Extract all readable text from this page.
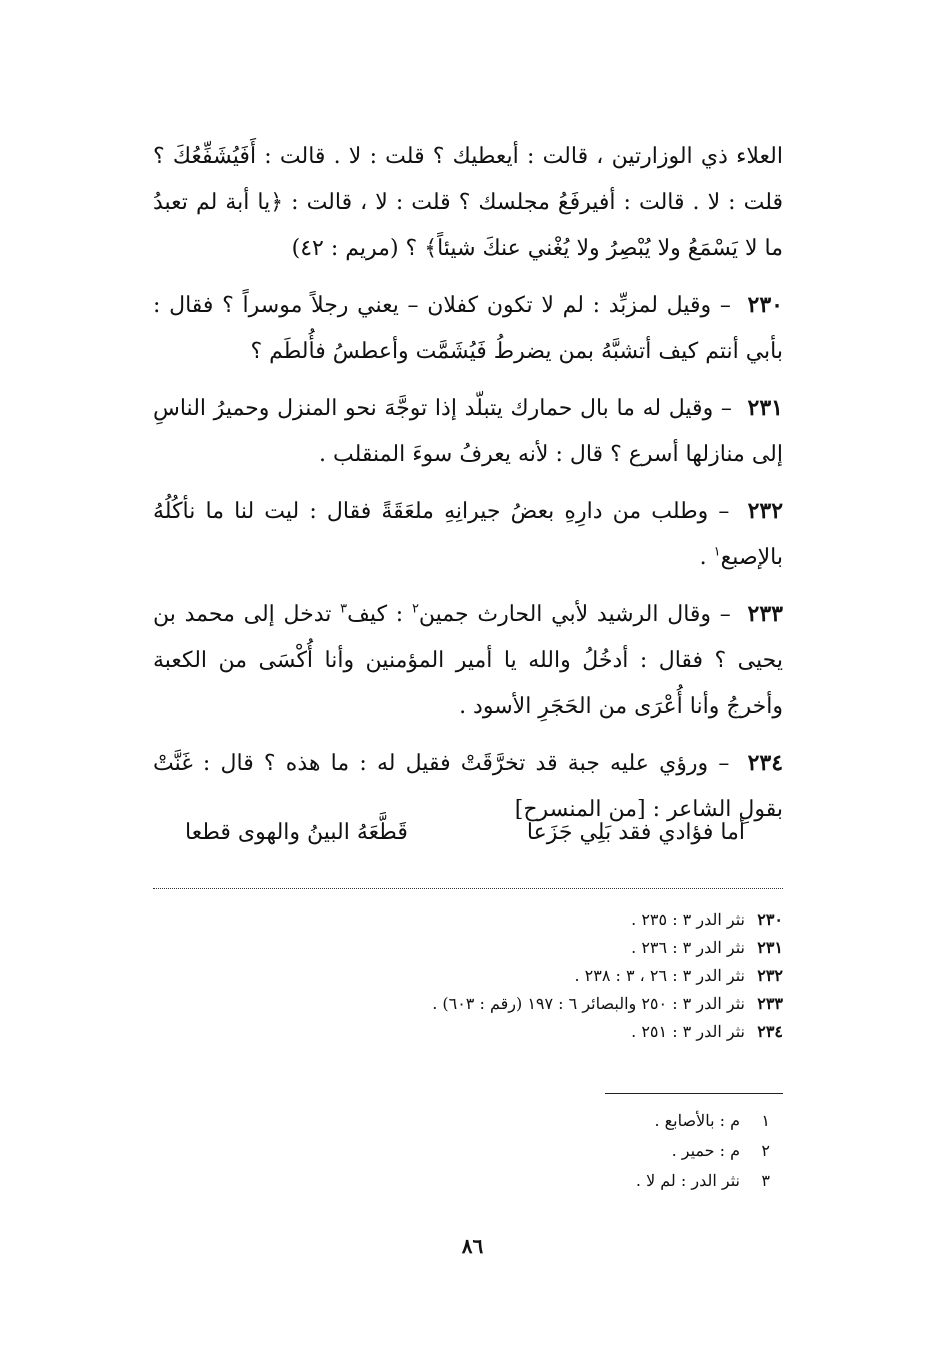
العلاء ذي الوزارتين ، قالت : أيعطيك ؟ قلت : لا . قالت : أَفَيُشَفِّعُكَ ؟ قلت : لا . قالت : أفيرفَعُ مجلسك ؟ قلت : لا ، قالت : ﴿يا أبة لم تعبدُ ما لا يَسْمَعُ ولا يُبْصِرُ ولا يُغْني عنكَ شيئاً﴾ ؟ (مريم : ٤٢)

٢٣٠ – وقيل لمزبِّد : لم لا تكون كفلان – يعني رجلاً موسراً ؟ فقال : بأبي أنتم كيف أتشبَّهُ بمن يضرطُ فَيُشَمَّت وأعطسُ فأُلطَم ؟

٢٣١ – وقيل له ما بال حمارك يتبلّد إذا توجَّهَ نحو المنزل وحميرُ الناسِ إلى منازلها أسرع ؟ قال : لأنه يعرفُ سوءَ المنقلب .

٢٣٢ – وطلب من دارِهِ بعضُ جيرانِهِ ملعَقَةً فقال : ليت لنا ما نأكُلُهُ بالإصبع$^١$ .

٢٣٣ – وقال الرشيد لأبي الحارث جمين$^٢$ : كيف$^٣$ تدخل إلى محمد بن يحيى ؟ فقال : أدخُلُ والله يا أمير المؤمنين وأنا أُكْسَى من الكعبة وأخرجُ وأنا أُعْرَى من الحَجَرِ الأسود .

٢٣٤ – ورؤي عليه جبة قد تخرَّقَتْ فقيل له : ما هذه ؟ قال : غَنَّتْ بقولِ الشاعر : [من المنسرح]

أما فؤادي فقد بَلِي جَزَعا
قَطَّعَهُ البينُ والهوى قطعا
٢٣٠نثر الدر ٣ : ٢٣٥ .
٢٣١نثر الدر ٣ : ٢٣٦ .
٢٣٢نثر الدر ٣ : ٢٦ ، ٣ : ٢٣٨ .
٢٣٣نثر الدر ٣ : ٢٥٠ والبصائر ٦ : ١٩٧ (رقم : ٦٠٣) .
٢٣٤نثر الدر ٣ : ٢٥١ .
١م : بالأصابع .
٢م : حمير .
٣نثر الدر : لم لا .
٨٦
